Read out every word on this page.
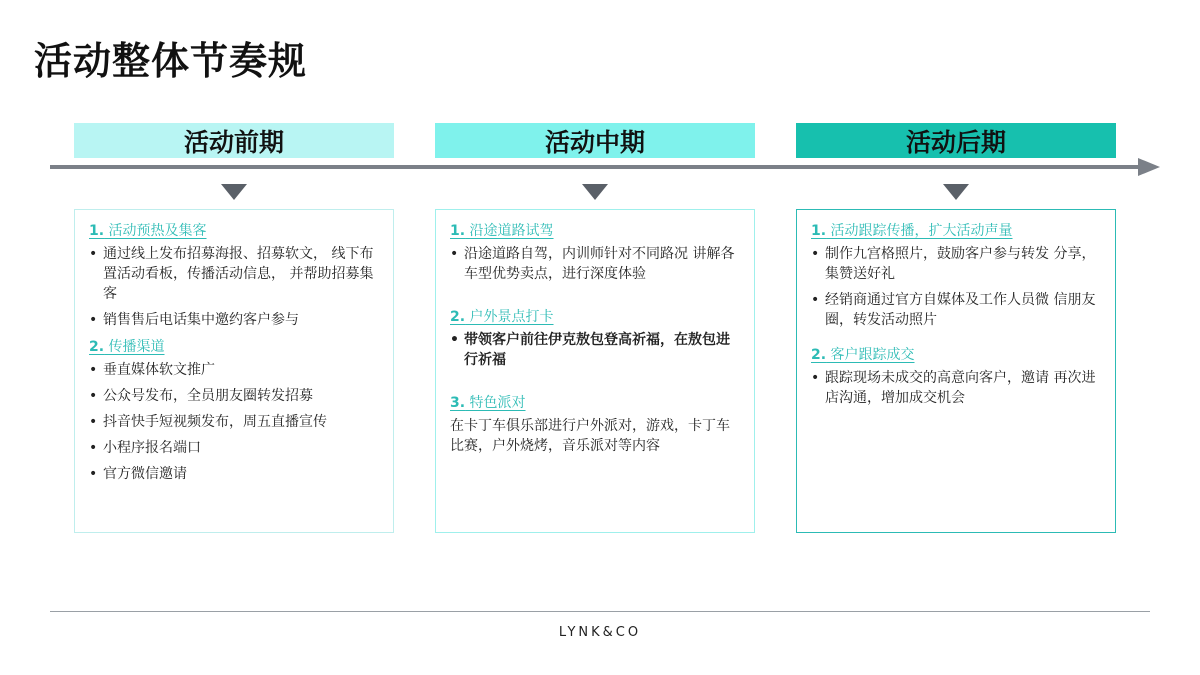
活动整体节奏规
活动前期	活动中期	活动后期
1. 活动预热及集客
• 通过线上发布招募海报、招募软文， 线下布置活动看板，传播活动信息， 并帮助招募集客
• 销售售后电话集中邀约客户参与
2. 传播渠道
• 垂直媒体软文推广
• 公众号发布，全员朋友圈转发招募
• 抖音快手短视频发布，周五直播宣传
• 小程序报名端口
• 官方微信邀请
1. 沿途道路试驾
• 沿途道路自驾，内训师针对不同路况 讲解各车型优势卖点，进行深度体验
2. 户外景点打卡
• 带领客户前往伊克敖包登高祈福，在敖包进行祈福
3. 特色派对
在卡丁车俱乐部进行户外派对，游戏，卡丁车比赛，户外烧烤，音乐派对等内容
1. 活动跟踪传播，扩大活动声量
• 制作九宫格照片，鼓励客户参与转发 分享，集赞送好礼
• 经销商通过官方自媒体及工作人员微 信朋友圈，转发活动照片
2. 客户跟踪成交
• 跟踪现场未成交的高意向客户，邀请 再次进店沟通，增加成交机会
LYNK&CO
